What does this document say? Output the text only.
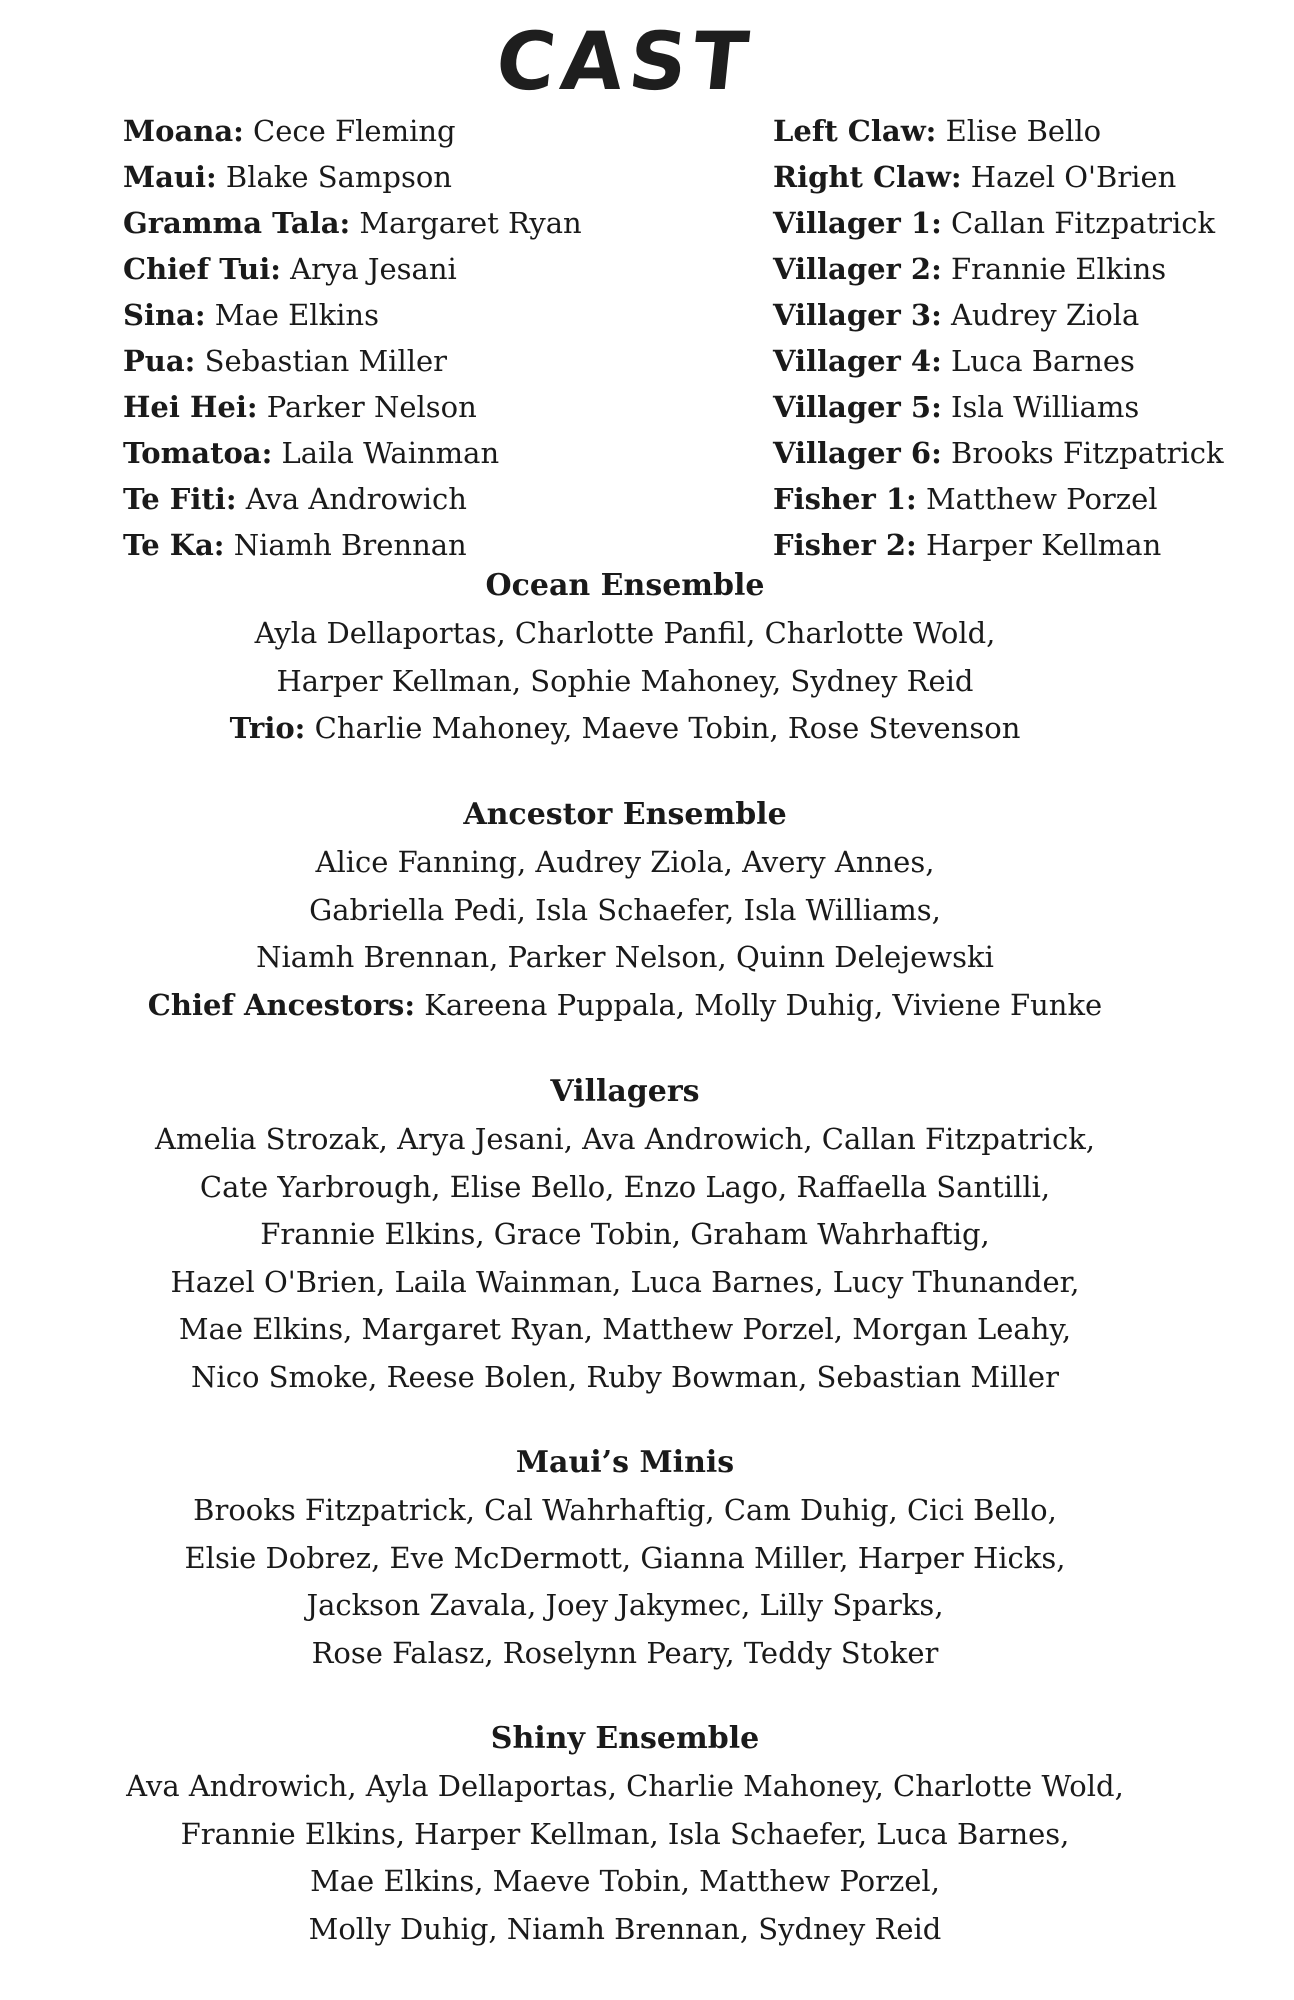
CAST
Moana: Cece Fleming
Maui: Blake Sampson
Gramma Tala: Margaret Ryan
Chief Tui: Arya Jesani
Sina: Mae Elkins
Pua: Sebastian Miller
Hei Hei: Parker Nelson
Tomatoa: Laila Wainman
Te Fiti: Ava Androwich
Te Ka: Niamh Brennan
Left Claw: Elise Bello
Right Claw: Hazel O'Brien
Villager 1: Callan Fitzpatrick
Villager 2: Frannie Elkins
Villager 3: Audrey Ziola
Villager 4: Luca Barnes
Villager 5: Isla Williams
Villager 6: Brooks Fitzpatrick
Fisher 1: Matthew Porzel
Fisher 2: Harper Kellman
Ocean Ensemble
Ayla Dellaportas, Charlotte Panfil, Charlotte Wold,
Harper Kellman, Sophie Mahoney, Sydney Reid
Trio: Charlie Mahoney, Maeve Tobin, Rose Stevenson
Ancestor Ensemble
Alice Fanning, Audrey Ziola, Avery Annes,
Gabriella Pedi, Isla Schaefer, Isla Williams,
Niamh Brennan, Parker Nelson, Quinn Delejewski
Chief Ancestors: Kareena Puppala, Molly Duhig, Viviene Funke
Villagers
Amelia Strozak, Arya Jesani, Ava Androwich, Callan Fitzpatrick,
Cate Yarbrough, Elise Bello, Enzo Lago, Raffaella Santilli,
Frannie Elkins, Grace Tobin, Graham Wahrhaftig,
Hazel O'Brien, Laila Wainman, Luca Barnes, Lucy Thunander,
Mae Elkins, Margaret Ryan, Matthew Porzel, Morgan Leahy,
Nico Smoke, Reese Bolen, Ruby Bowman, Sebastian Miller
Maui’s Minis
Brooks Fitzpatrick, Cal Wahrhaftig, Cam Duhig, Cici Bello,
Elsie Dobrez, Eve McDermott, Gianna Miller, Harper Hicks,
Jackson Zavala, Joey Jakymec, Lilly Sparks,
Rose Falasz, Roselynn Peary, Teddy Stoker
Shiny Ensemble
Ava Androwich, Ayla Dellaportas, Charlie Mahoney, Charlotte Wold,
Frannie Elkins, Harper Kellman, Isla Schaefer, Luca Barnes,
Mae Elkins, Maeve Tobin, Matthew Porzel,
Molly Duhig, Niamh Brennan, Sydney Reid
